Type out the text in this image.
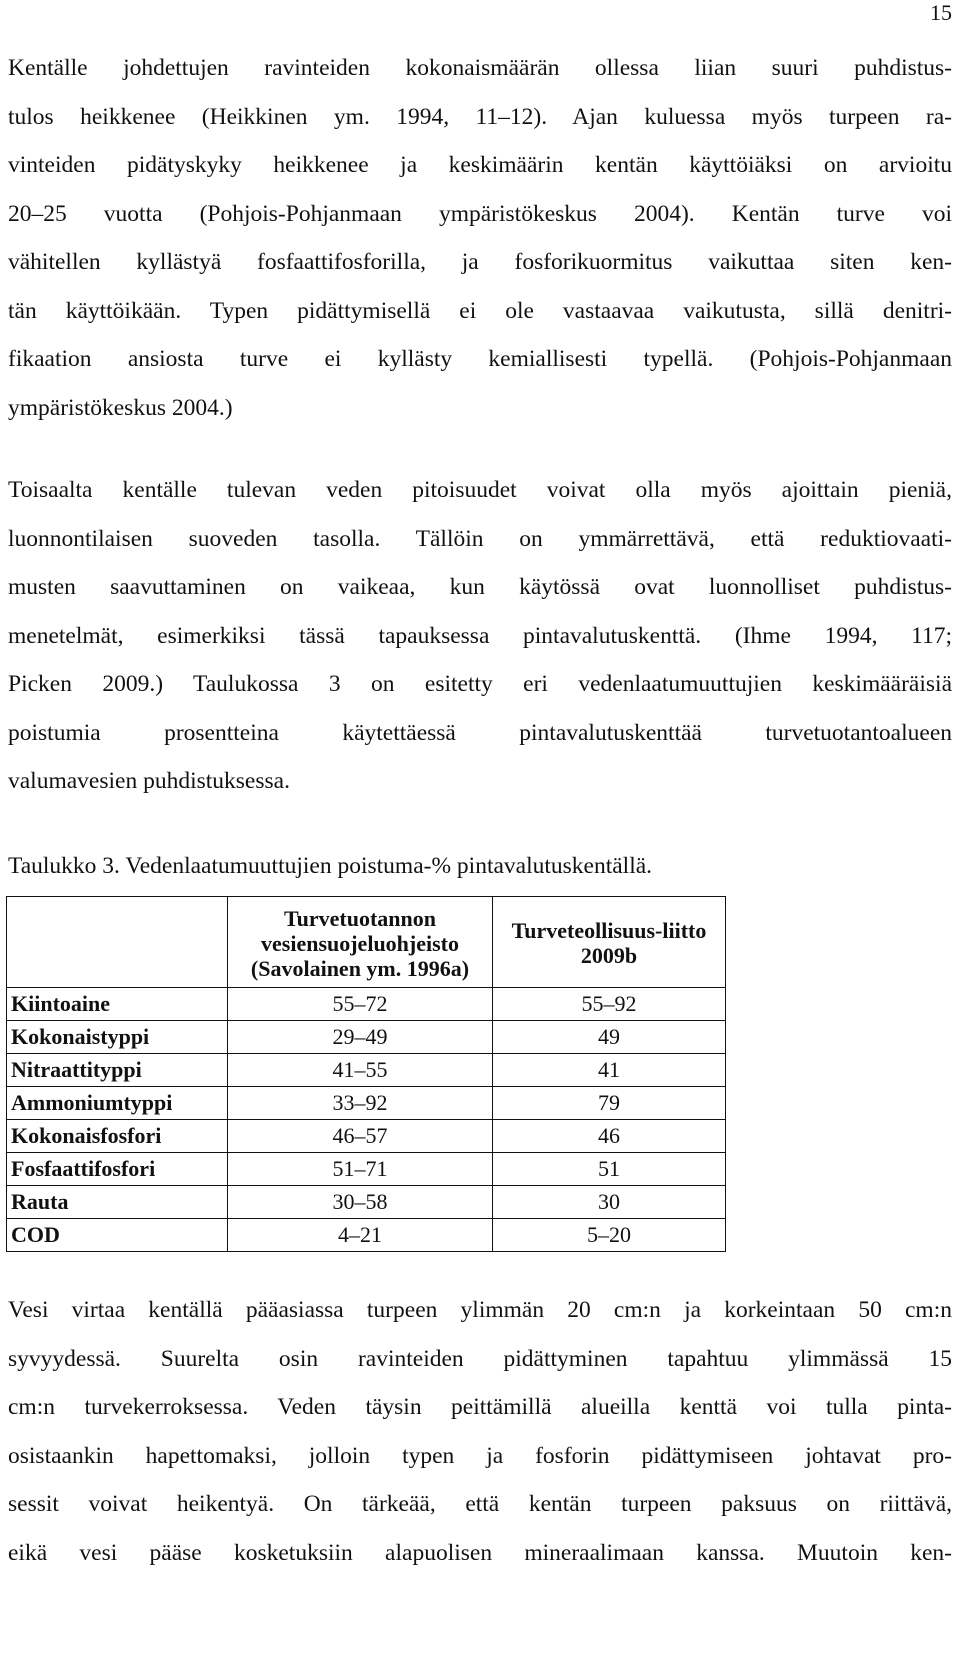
15
Kentälle johdettujen ravinteiden kokonaismäärän ollessa liian suuri puhdistus-
tulos heikkenee (Heikkinen ym. 1994, 11–12). Ajan kuluessa myös turpeen ra-
vinteiden pidätyskyky heikkenee ja keskimäärin kentän käyttöiäksi on arvioitu
20–25 vuotta (Pohjois-Pohjanmaan ympäristökeskus 2004). Kentän turve voi
vähitellen kyllästyä fosfaattifosforilla, ja fosforikuormitus vaikuttaa siten ken-
tän käyttöikään. Typen pidättymisellä ei ole vastaavaa vaikutusta, sillä denitri-
fikaation ansiosta turve ei kyllästy kemiallisesti typellä. (Pohjois-Pohjanmaan
ympäristökeskus 2004.)
Toisaalta kentälle tulevan veden pitoisuudet voivat olla myös ajoittain pieniä,
luonnontilaisen suoveden tasolla. Tällöin on ymmärrettävä, että reduktiovaati-
musten saavuttaminen on vaikeaa, kun käytössä ovat luonnolliset puhdistus-
menetelmät, esimerkiksi tässä tapauksessa pintavalutuskenttä. (Ihme 1994, 117;
Picken 2009.) Taulukossa 3 on esitetty eri vedenlaatumuuttujien keskimääräisiä
poistumia prosentteina käytettäessä pintavalutuskenttää turvetuotantoalueen
valumavesien puhdistuksessa.
Taulukko 3. Vedenlaatumuuttujien poistuma-% pintavalutuskentällä.
	Turvetuotannon vesiensuojeluohjeisto (Savolainen ym. 1996a)	Turveteollisuus-liitto 2009b
Kiintoaine	55–72	55–92
Kokonaistyppi	29–49	49
Nitraattityppi	41–55	41
Ammoniumtyppi	33–92	79
Kokonaisfosfori	46–57	46
Fosfaattifosfori	51–71	51
Rauta	30–58	30
COD	4–21	5–20
Vesi virtaa kentällä pääasiassa turpeen ylimmän 20 cm:n ja korkeintaan 50 cm:n
syvyydessä. Suurelta osin ravinteiden pidättyminen tapahtuu ylimmässä 15
cm:n turvekerroksessa. Veden täysin peittämillä alueilla kenttä voi tulla pinta-
osistaankin hapettomaksi, jolloin typen ja fosforin pidättymiseen johtavat pro-
sessit voivat heikentyä. On tärkeää, että kentän turpeen paksuus on riittävä,
eikä vesi pääse kosketuksiin alapuolisen mineraalimaan kanssa. Muutoin ken-
